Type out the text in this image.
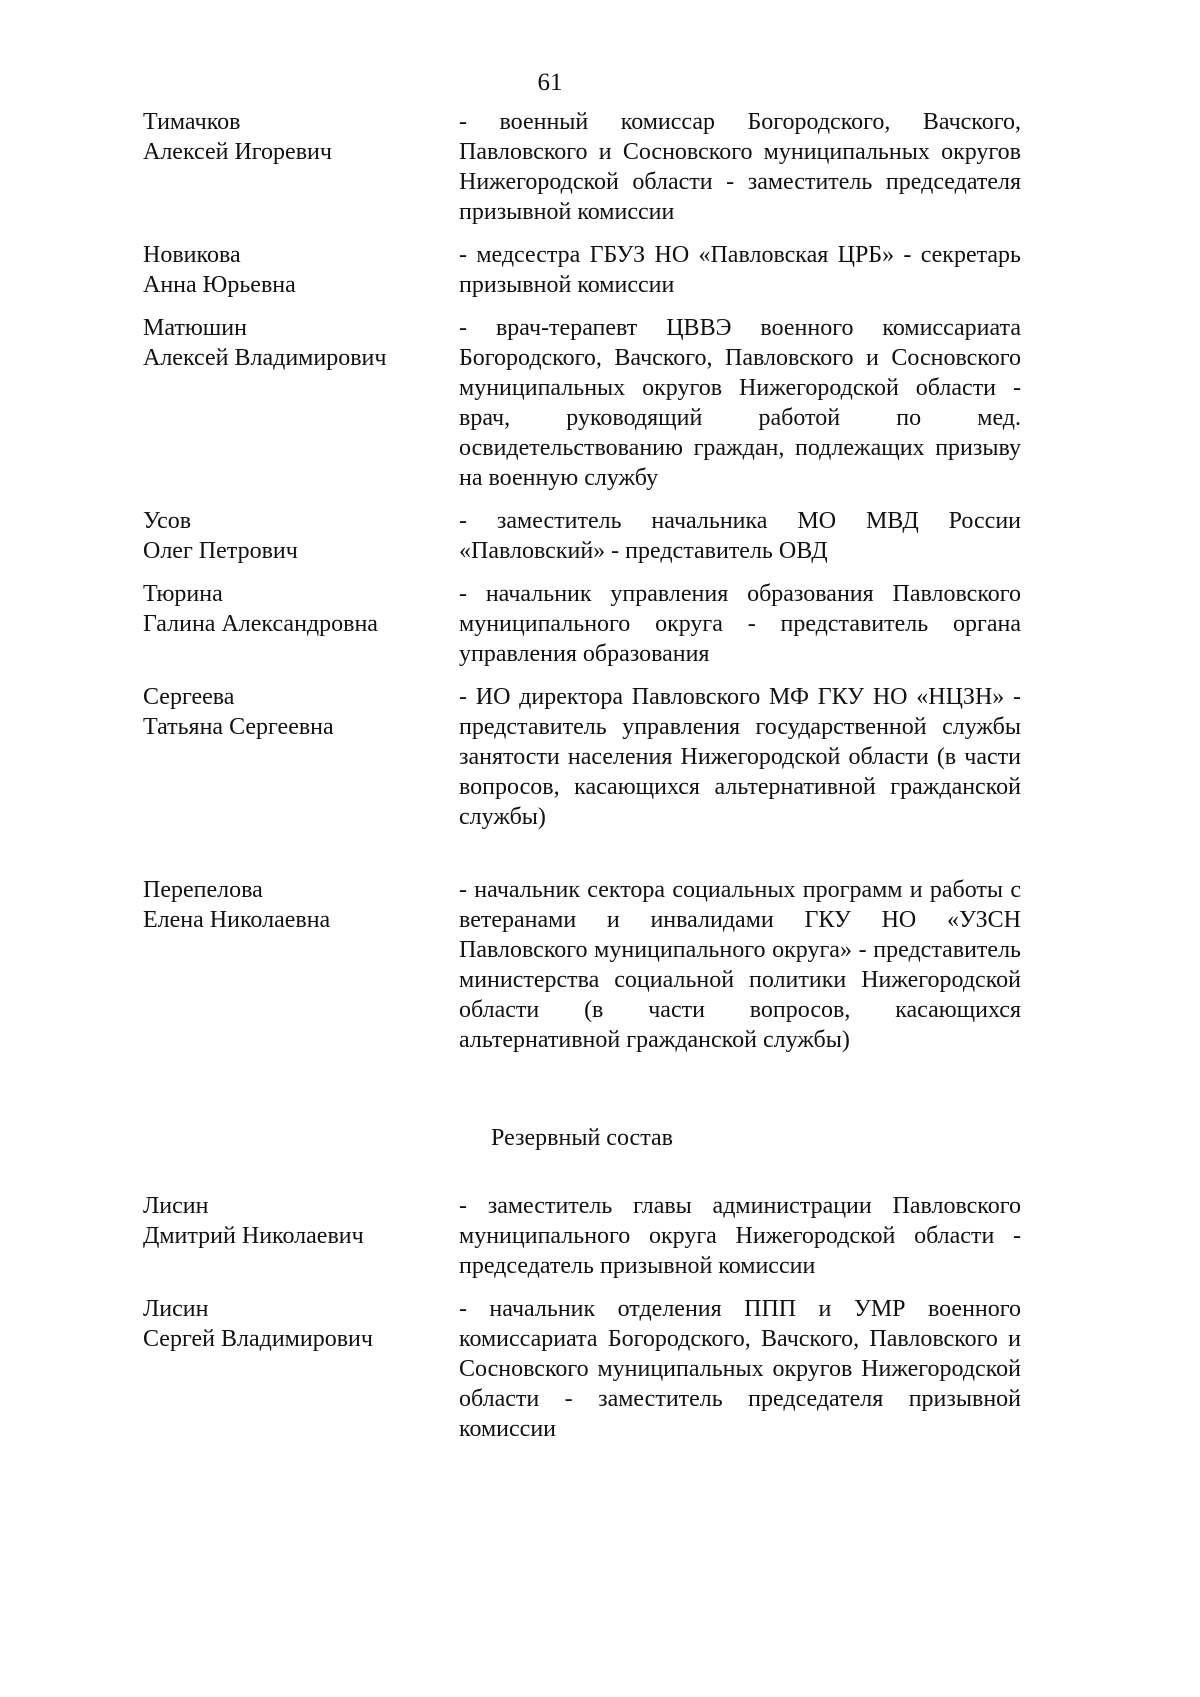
61
Тимачков
Алексей Игоревич
- военный комиссар Богородского, Вачского, Павловского и Сосновского муниципальных округов Нижегородской области - заместитель председателя призывной комиссии
Новикова
Анна Юрьевна
- медсестра ГБУЗ НО «Павловская ЦРБ» - секретарь призывной комиссии
Матюшин
Алексей Владимирович
- врач-терапевт ЦВВЭ военного комиссариата Богородского, Вачского, Павловского и Сосновского муниципальных округов Нижегородской области - врач, руководящий работой по мед. освидетельствованию граждан, подлежащих призыву на военную службу
Усов
Олег Петрович
- заместитель начальника МО МВД России «Павловский» - представитель ОВД
Тюрина
Галина Александровна
- начальник управления образования Павловского муниципального округа - представитель органа управления образования
Сергеева
Татьяна Сергеевна
- ИО директора Павловского МФ ГКУ НО «НЦЗН» - представитель управления государственной службы занятости населения Нижегородской области (в части вопросов, касающихся альтернативной гражданской службы)
Перепелова
Елена Николаевна
- начальник сектора социальных программ и работы с ветеранами и инвалидами ГКУ НО «УЗСН Павловского муниципального округа» - представитель министерства социальной политики Нижегородской области (в части вопросов, касающихся альтернативной гражданской службы)
Резервный состав
Лисин
Дмитрий Николаевич
- заместитель главы администрации Павловского муниципального округа Нижегородской области - председатель призывной комиссии
Лисин
Сергей Владимирович
- начальник отделения ППП и УМР военного комиссариата Богородского, Вачского, Павловского и Сосновского муниципальных округов Нижегородской области - заместитель председателя призывной комиссии
